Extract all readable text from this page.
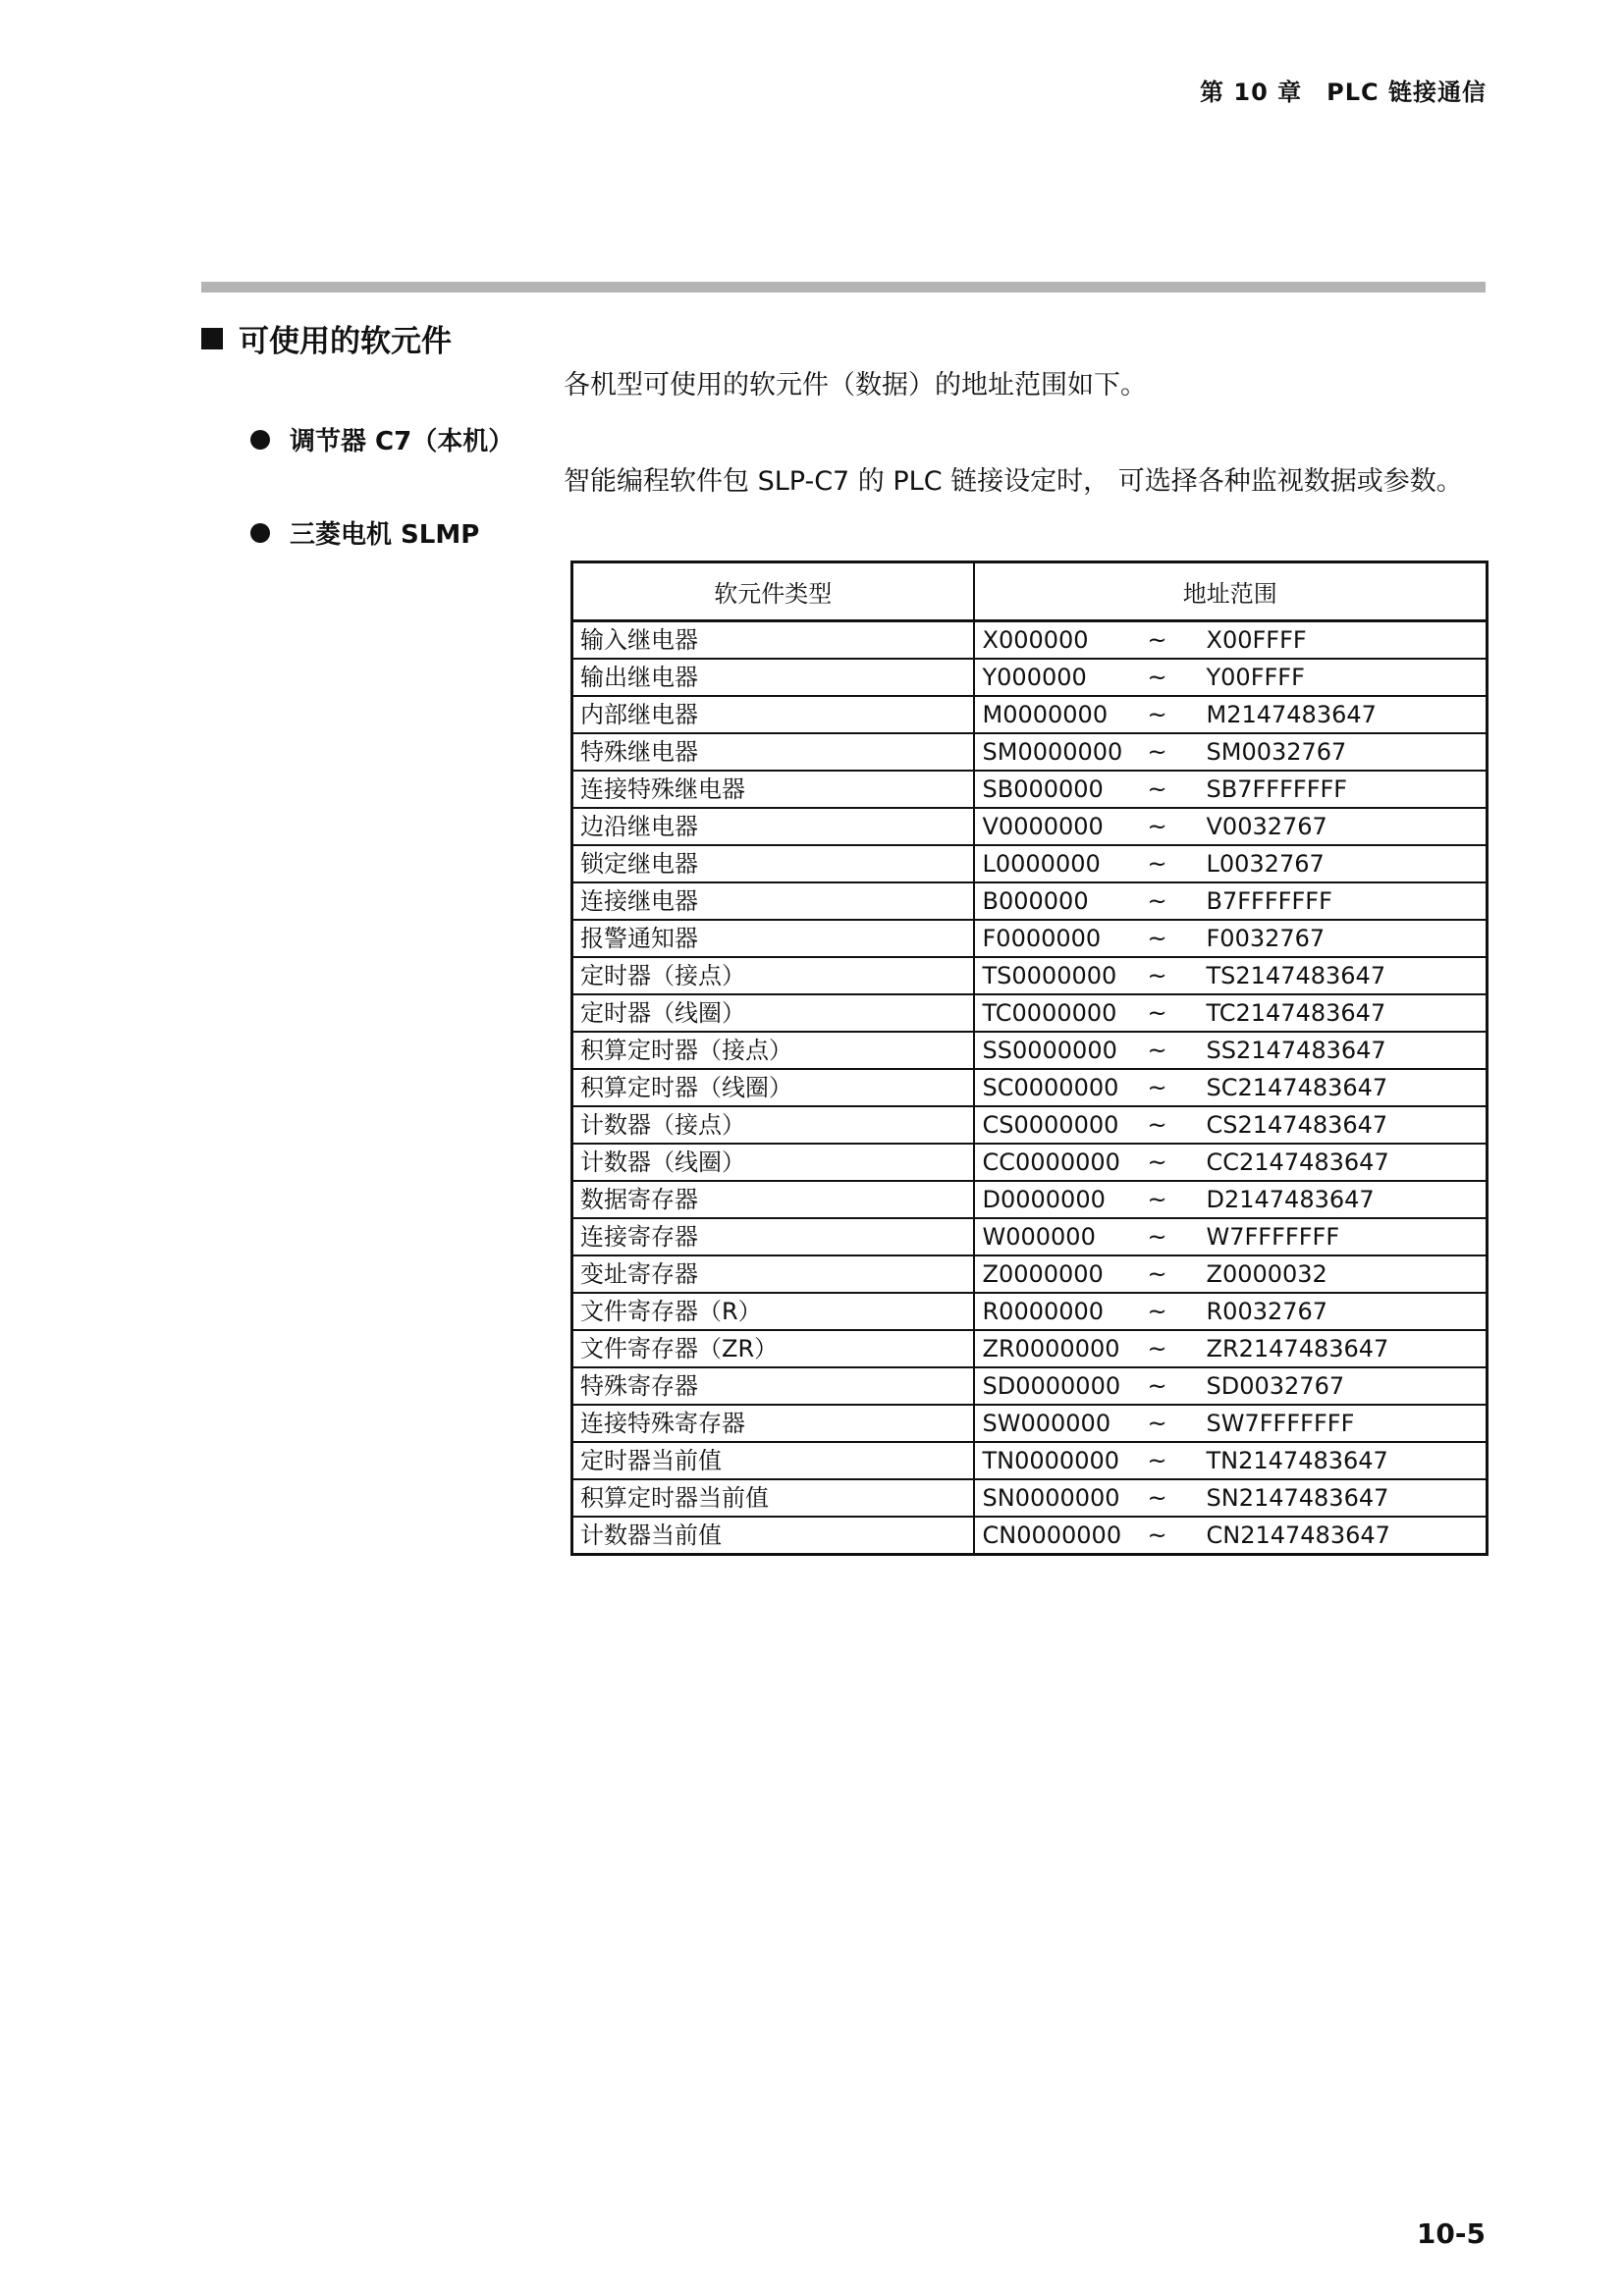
第 10 章　PLC 链接通信
可使用的软元件
各机型可使用的软元件（数据）的地址范围如下。
调节器 C7（本机）
智能编程软件包 SLP-C7 的 PLC 链接设定时， 可选择各种监视数据或参数。
三菱电机 SLMP
软元件类型	地址范围
输入继电器	X000000 ~ X00FFFF
输出继电器	Y000000 ~ Y00FFFF
内部继电器	M0000000 ~ M2147483647
特殊继电器	SM0000000 ~ SM0032767
连接特殊继电器	SB000000 ~ SB7FFFFFFF
边沿继电器	V0000000 ~ V0032767
锁定继电器	L0000000 ~ L0032767
连接继电器	B000000 ~ B7FFFFFFF
报警通知器	F0000000 ~ F0032767
定时器（接点）	TS0000000 ~ TS2147483647
定时器（线圈）	TC0000000 ~ TC2147483647
积算定时器（接点）	SS0000000 ~ SS2147483647
积算定时器（线圈）	SC0000000 ~ SC2147483647
计数器（接点）	CS0000000 ~ CS2147483647
计数器（线圈）	CC0000000 ~ CC2147483647
数据寄存器	D0000000 ~ D2147483647
连接寄存器	W000000 ~ W7FFFFFFF
变址寄存器	Z0000000 ~ Z0000032
文件寄存器（R）	R0000000 ~ R0032767
文件寄存器（ZR）	ZR0000000 ~ ZR2147483647
特殊寄存器	SD0000000 ~ SD0032767
连接特殊寄存器	SW000000 ~ SW7FFFFFFF
定时器当前值	TN0000000 ~ TN2147483647
积算定时器当前值	SN0000000 ~ SN2147483647
计数器当前值	CN0000000 ~ CN2147483647
10-5
